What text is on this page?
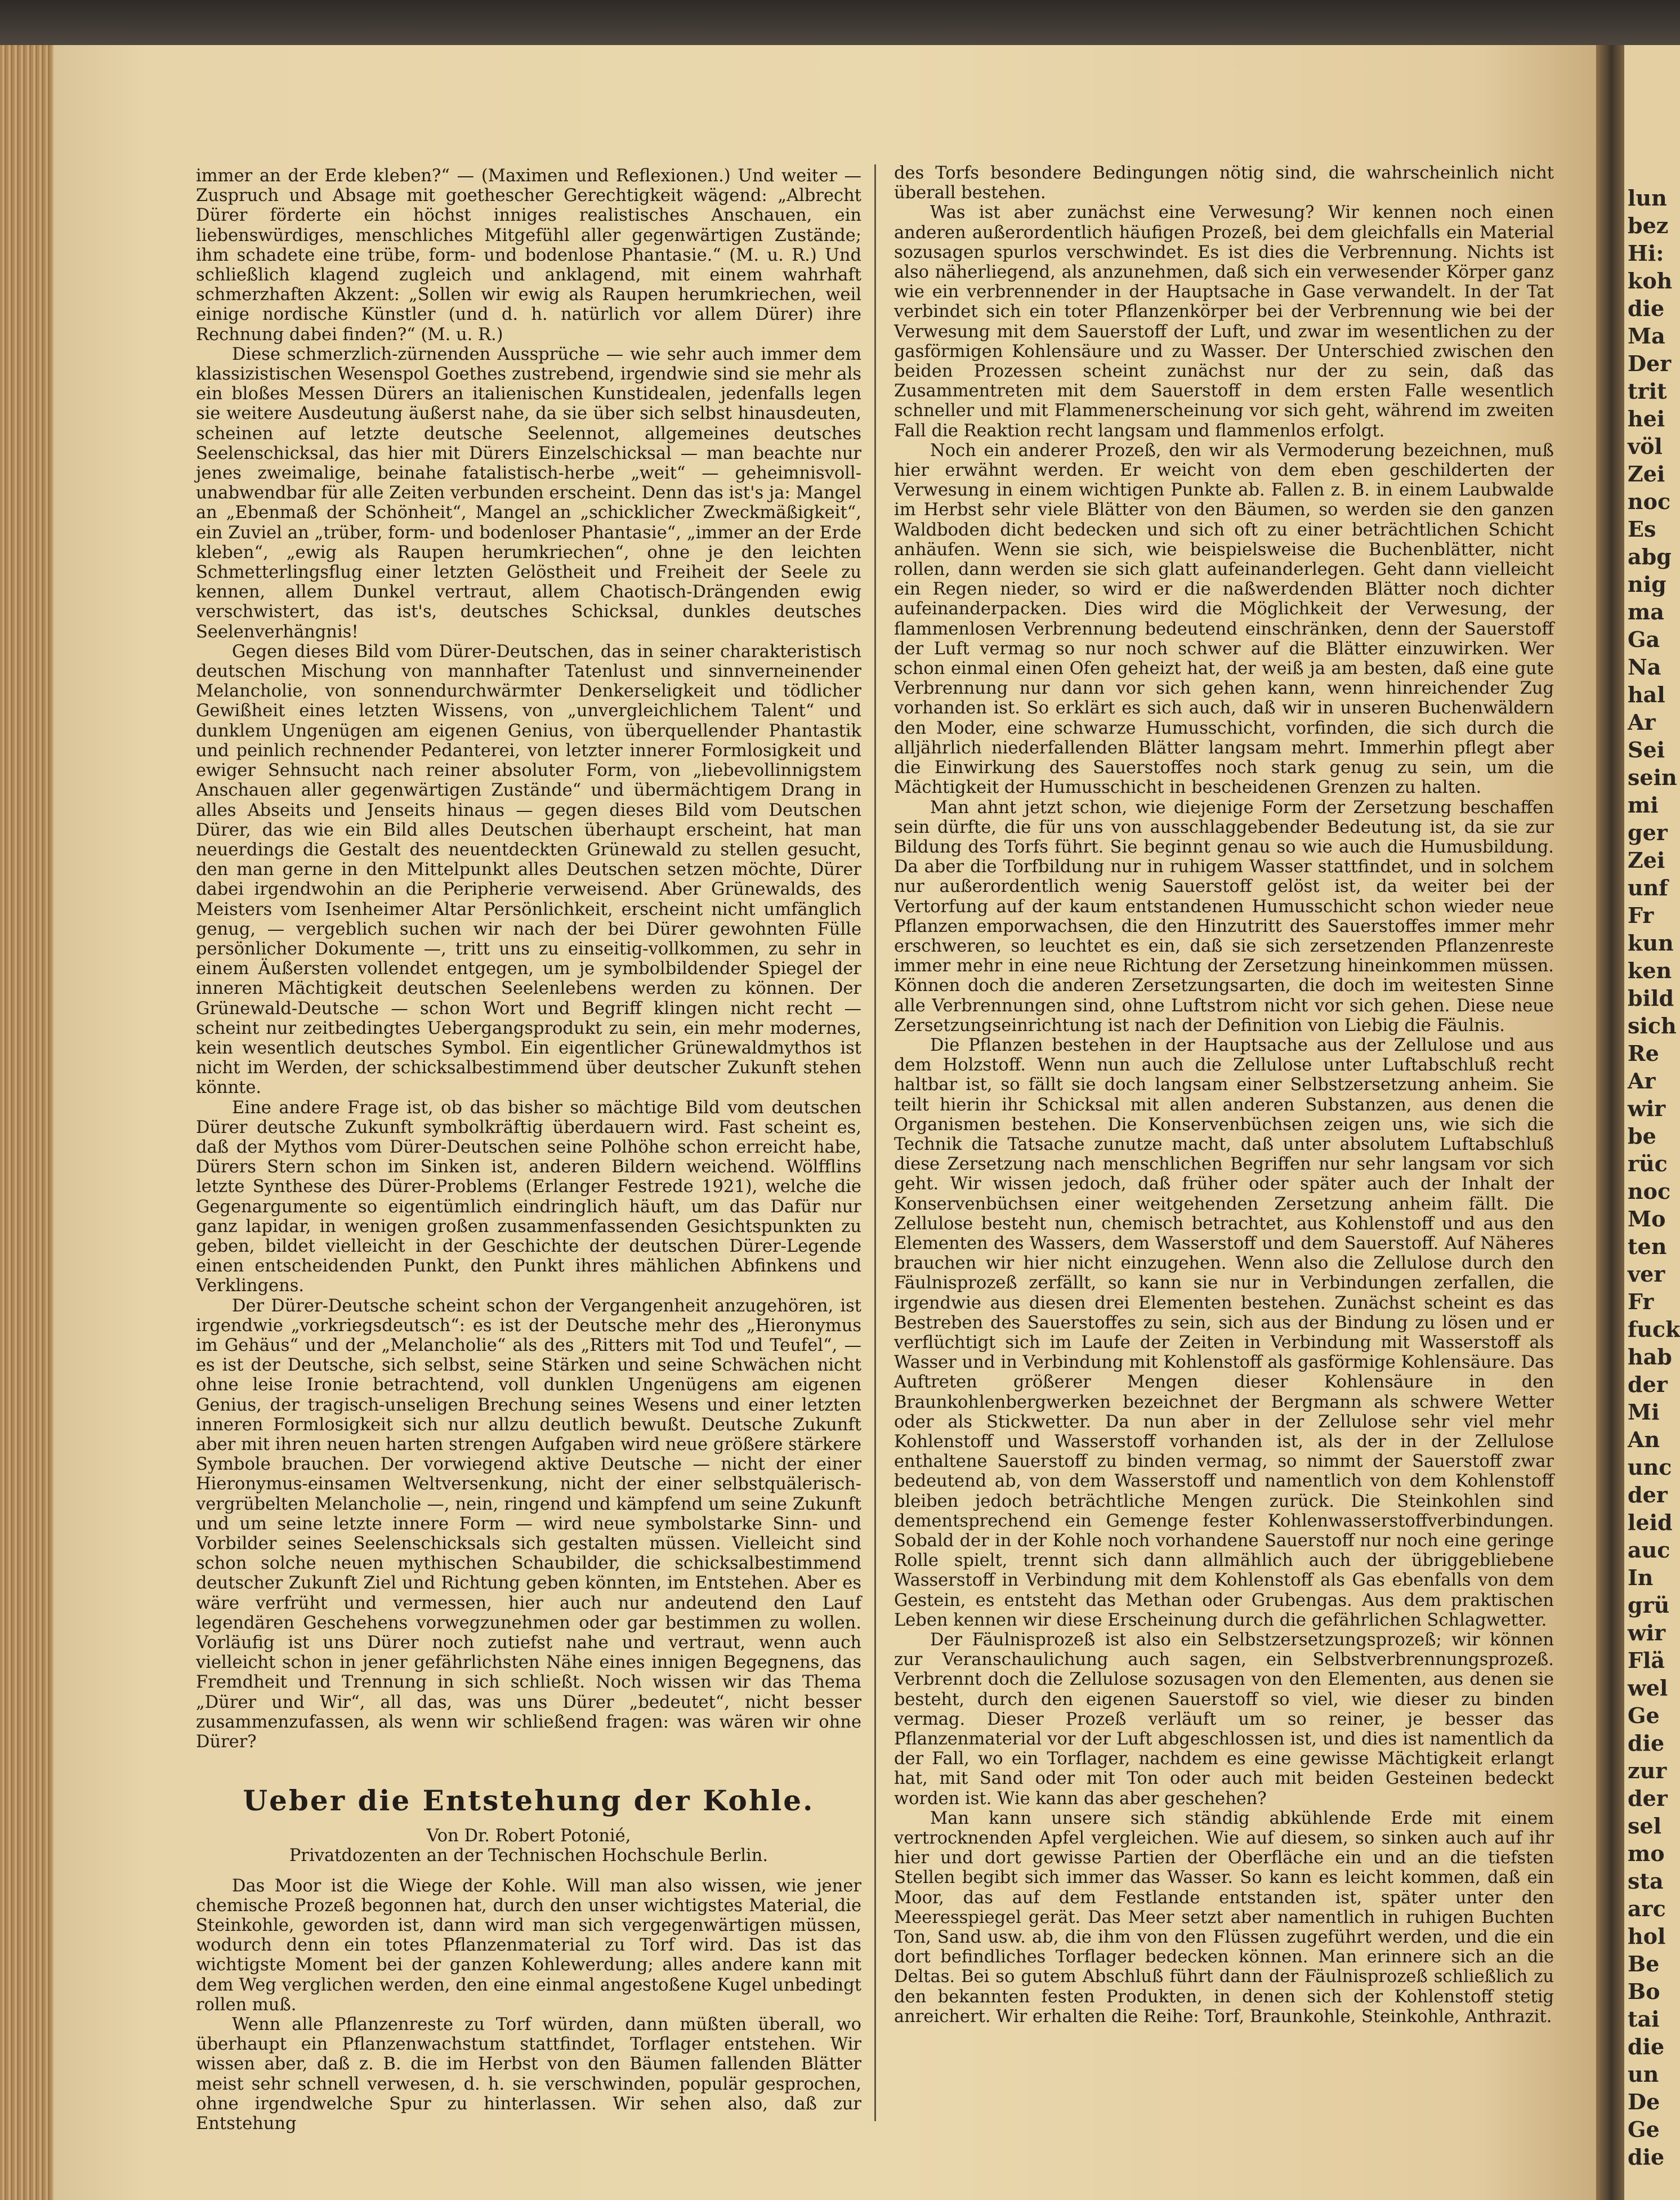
immer an der Erde kleben?“ — (Maximen und Reflexionen.) Und weiter — Zuspruch und Absage mit goethescher Gerechtigkeit wägend: „Albrecht Dürer förderte ein höchst inniges realistisches Anschauen, ein liebenswürdiges, menschliches Mitgefühl aller gegenwärtigen Zustände; ihm schadete eine trübe, form- und bodenlose Phantasie.“ (M. u. R.) Und schließlich klagend zugleich und anklagend, mit einem wahrhaft schmerzhaften Akzent: „Sollen wir ewig als Raupen herumkriechen, weil einige nordische Künstler (und d. h. natürlich vor allem Dürer) ihre Rechnung dabei finden?“ (M. u. R.)

Diese schmerzlich-zürnenden Aussprüche — wie sehr auch immer dem klassizistischen Wesenspol Goethes zustrebend, irgendwie sind sie mehr als ein bloßes Messen Dürers an italienischen Kunstidealen, jedenfalls legen sie weitere Ausdeutung äußerst nahe, da sie über sich selbst hinausdeuten, scheinen auf letzte deutsche Seelennot, allgemeines deutsches Seelenschicksal, das hier mit Dürers Einzelschicksal — man beachte nur jenes zweimalige, beinahe fatalistisch-herbe „weit“ — geheimnisvoll-unabwendbar für alle Zeiten verbunden erscheint. Denn das ist's ja: Mangel an „Ebenmaß der Schönheit“, Mangel an „schicklicher Zweckmäßigkeit“, ein Zuviel an „trüber, form- und bodenloser Phantasie“, „immer an der Erde kleben“, „ewig als Raupen herumkriechen“, ohne je den leichten Schmetterlingsflug einer letzten Gelöstheit und Freiheit der Seele zu kennen, allem Dunkel vertraut, allem Chaotisch-Drängenden ewig verschwistert, das ist's, deutsches Schicksal, dunkles deutsches Seelenverhängnis!

Gegen dieses Bild vom Dürer-Deutschen, das in seiner charakteristisch deutschen Mischung von mannhafter Tatenlust und sinnverneinender Melancholie, von sonnendurchwärmter Denkerseligkeit und tödlicher Gewißheit eines letzten Wissens, von „unvergleichlichem Talent“ und dunklem Ungenügen am eigenen Genius, von überquellender Phantastik und peinlich rechnender Pedanterei, von letzter innerer Formlosigkeit und ewiger Sehnsucht nach reiner absoluter Form, von „liebevollinnigstem Anschauen aller gegenwärtigen Zustände“ und übermächtigem Drang in alles Abseits und Jenseits hinaus — gegen dieses Bild vom Deutschen Dürer, das wie ein Bild alles Deutschen überhaupt erscheint, hat man neuerdings die Gestalt des neuentdeckten Grünewald zu stellen gesucht, den man gerne in den Mittelpunkt alles Deutschen setzen möchte, Dürer dabei irgendwohin an die Peripherie verweisend. Aber Grünewalds, des Meisters vom Isenheimer Altar Persönlichkeit, erscheint nicht umfänglich genug, — vergeblich suchen wir nach der bei Dürer gewohnten Fülle persönlicher Dokumente —, tritt uns zu einseitig-vollkommen, zu sehr in einem Äußersten vollendet entgegen, um je symbolbildender Spiegel der inneren Mächtigkeit deutschen Seelenlebens werden zu können. Der Grünewald-Deutsche — schon Wort und Begriff klingen nicht recht — scheint nur zeitbedingtes Uebergangsprodukt zu sein, ein mehr modernes, kein wesentlich deutsches Symbol. Ein eigentlicher Grünewaldmythos ist nicht im Werden, der schicksalbestimmend über deutscher Zukunft stehen könnte.

Eine andere Frage ist, ob das bisher so mächtige Bild vom deutschen Dürer deutsche Zukunft symbolkräftig überdauern wird. Fast scheint es, daß der Mythos vom Dürer-Deutschen seine Polhöhe schon erreicht habe, Dürers Stern schon im Sinken ist, anderen Bildern weichend. Wölfflins letzte Synthese des Dürer-Problems (Erlanger Festrede 1921), welche die Gegenargumente so eigentümlich eindringlich häuft, um das Dafür nur ganz lapidar, in wenigen großen zusammenfassenden Gesichtspunkten zu geben, bildet vielleicht in der Geschichte der deutschen Dürer-Legende einen entscheidenden Punkt, den Punkt ihres mählichen Abfinkens und Verklingens.

Der Dürer-Deutsche scheint schon der Vergangenheit anzugehören, ist irgendwie „vorkriegsdeutsch“: es ist der Deutsche mehr des „Hieronymus im Gehäus“ und der „Melancholie“ als des „Ritters mit Tod und Teufel“, — es ist der Deutsche, sich selbst, seine Stärken und seine Schwächen nicht ohne leise Ironie betrachtend, voll dunklen Ungenügens am eigenen Genius, der tragisch-unseligen Brechung seines Wesens und einer letzten inneren Formlosigkeit sich nur allzu deutlich bewußt. Deutsche Zukunft aber mit ihren neuen harten strengen Aufgaben wird neue größere stärkere Symbole brauchen. Der vorwiegend aktive Deutsche — nicht der einer Hieronymus-einsamen Weltversenkung, nicht der einer selbstquälerisch-vergrübelten Melancholie —, nein, ringend und kämpfend um seine Zukunft und um seine letzte innere Form — wird neue symbolstarke Sinn- und Vorbilder seines Seelenschicksals sich gestalten müssen. Vielleicht sind schon solche neuen mythischen Schaubilder, die schicksalbestimmend deutscher Zukunft Ziel und Richtung geben könnten, im Entstehen. Aber es wäre verfrüht und vermessen, hier auch nur andeutend den Lauf legendären Geschehens vorwegzunehmen oder gar bestimmen zu wollen. Vorläufig ist uns Dürer noch zutiefst nahe und vertraut, wenn auch vielleicht schon in jener gefährlichsten Nähe eines innigen Begegnens, das Fremdheit und Trennung in sich schließt. Noch wissen wir das Thema „Dürer und Wir“, all das, was uns Dürer „bedeutet“, nicht besser zusammenzufassen, als wenn wir schließend fragen: was wären wir ohne Dürer?

Ueber die Entstehung der Kohle.

Von Dr. Robert Potonié,

Privatdozenten an der Technischen Hochschule Berlin.

Das Moor ist die Wiege der Kohle. Will man also wissen, wie jener chemische Prozeß begonnen hat, durch den unser wichtigstes Material, die Steinkohle, geworden ist, dann wird man sich vergegenwärtigen müssen, wodurch denn ein totes Pflanzenmaterial zu Torf wird. Das ist das wichtigste Moment bei der ganzen Kohlewerdung; alles andere kann mit dem Weg verglichen werden, den eine einmal angestoßene Kugel unbedingt rollen muß.

Wenn alle Pflanzenreste zu Torf würden, dann müßten überall, wo überhaupt ein Pflanzenwachstum stattfindet, Torflager entstehen. Wir wissen aber, daß z. B. die im Herbst von den Bäumen fallenden Blätter meist sehr schnell verwesen, d. h. sie verschwinden, populär gesprochen, ohne irgendwelche Spur zu hinterlassen. Wir sehen also, daß zur Entstehung

des Torfs besondere Bedingungen nötig sind, die wahrscheinlich nicht überall bestehen.

Was ist aber zunächst eine Verwesung? Wir kennen noch einen anderen außerordentlich häufigen Prozeß, bei dem gleichfalls ein Material sozusagen spurlos verschwindet. Es ist dies die Verbrennung. Nichts ist also näherliegend, als anzunehmen, daß sich ein verwesender Körper ganz wie ein verbrennender in der Hauptsache in Gase verwandelt. In der Tat verbindet sich ein toter Pflanzenkörper bei der Verbrennung wie bei der Verwesung mit dem Sauerstoff der Luft, und zwar im wesentlichen zu der gasförmigen Kohlensäure und zu Wasser. Der Unterschied zwischen den beiden Prozessen scheint zunächst nur der zu sein, daß das Zusammentreten mit dem Sauerstoff in dem ersten Falle wesentlich schneller und mit Flammenerscheinung vor sich geht, während im zweiten Fall die Reaktion recht langsam und flammenlos erfolgt.

Noch ein anderer Prozeß, den wir als Vermoderung bezeichnen, muß hier erwähnt werden. Er weicht von dem eben geschilderten der Verwesung in einem wichtigen Punkte ab. Fallen z. B. in einem Laubwalde im Herbst sehr viele Blätter von den Bäumen, so werden sie den ganzen Waldboden dicht bedecken und sich oft zu einer beträchtlichen Schicht anhäufen. Wenn sie sich, wie beispielsweise die Buchenblätter, nicht rollen, dann werden sie sich glatt aufeinanderlegen. Geht dann vielleicht ein Regen nieder, so wird er die naßwerdenden Blätter noch dichter aufeinanderpacken. Dies wird die Möglichkeit der Verwesung, der flammenlosen Verbrennung bedeutend einschränken, denn der Sauerstoff der Luft vermag so nur noch schwer auf die Blätter einzuwirken. Wer schon einmal einen Ofen geheizt hat, der weiß ja am besten, daß eine gute Verbrennung nur dann vor sich gehen kann, wenn hinreichender Zug vorhanden ist. So erklärt es sich auch, daß wir in unseren Buchenwäldern den Moder, eine schwarze Humusschicht, vorfinden, die sich durch die alljährlich niederfallenden Blätter langsam mehrt. Immerhin pflegt aber die Einwirkung des Sauerstoffes noch stark genug zu sein, um die Mächtigkeit der Humusschicht in bescheidenen Grenzen zu halten.

Man ahnt jetzt schon, wie diejenige Form der Zersetzung beschaffen sein dürfte, die für uns von ausschlaggebender Bedeutung ist, da sie zur Bildung des Torfs führt. Sie beginnt genau so wie auch die Humusbildung. Da aber die Torfbildung nur in ruhigem Wasser stattfindet, und in solchem nur außerordentlich wenig Sauerstoff gelöst ist, da weiter bei der Vertorfung auf der kaum entstandenen Humusschicht schon wieder neue Pflanzen emporwachsen, die den Hinzutritt des Sauerstoffes immer mehr erschweren, so leuchtet es ein, daß sie sich zersetzenden Pflanzenreste immer mehr in eine neue Richtung der Zersetzung hineinkommen müssen. Können doch die anderen Zersetzungsarten, die doch im weitesten Sinne alle Verbrennungen sind, ohne Luftstrom nicht vor sich gehen. Diese neue Zersetzungseinrichtung ist nach der Definition von Liebig die Fäulnis.

Die Pflanzen bestehen in der Hauptsache aus der Zellulose und aus dem Holzstoff. Wenn nun auch die Zellulose unter Luftabschluß recht haltbar ist, so fällt sie doch langsam einer Selbstzersetzung anheim. Sie teilt hierin ihr Schicksal mit allen anderen Substanzen, aus denen die Organismen bestehen. Die Konservenbüchsen zeigen uns, wie sich die Technik die Tatsache zunutze macht, daß unter absolutem Luftabschluß diese Zersetzung nach menschlichen Begriffen nur sehr langsam vor sich geht. Wir wissen jedoch, daß früher oder später auch der Inhalt der Konservenbüchsen einer weitgehenden Zersetzung anheim fällt. Die Zellulose besteht nun, chemisch betrachtet, aus Kohlenstoff und aus den Elementen des Wassers, dem Wasserstoff und dem Sauerstoff. Auf Näheres brauchen wir hier nicht einzugehen. Wenn also die Zellulose durch den Fäulnisprozeß zerfällt, so kann sie nur in Verbindungen zerfallen, die irgendwie aus diesen drei Elementen bestehen. Zunächst scheint es das Bestreben des Sauerstoffes zu sein, sich aus der Bindung zu lösen und er verflüchtigt sich im Laufe der Zeiten in Verbindung mit Wasserstoff als Wasser und in Verbindung mit Kohlenstoff als gasförmige Kohlensäure. Das Auftreten größerer Mengen dieser Kohlensäure in den Braunkohlenbergwerken bezeichnet der Bergmann als schwere Wetter oder als Stickwetter. Da nun aber in der Zellulose sehr viel mehr Kohlenstoff und Wasserstoff vorhanden ist, als der in der Zellulose enthaltene Sauerstoff zu binden vermag, so nimmt der Sauerstoff zwar bedeutend ab, von dem Wasserstoff und namentlich von dem Kohlenstoff bleiben jedoch beträchtliche Mengen zurück. Die Steinkohlen sind dementsprechend ein Gemenge fester Kohlenwasserstoffverbindungen. Sobald der in der Kohle noch vorhandene Sauerstoff nur noch eine geringe Rolle spielt, trennt sich dann allmählich auch der übriggebliebene Wasserstoff in Verbindung mit dem Kohlenstoff als Gas ebenfalls von dem Gestein, es entsteht das Methan oder Grubengas. Aus dem praktischen Leben kennen wir diese Erscheinung durch die gefährlichen Schlagwetter.

Der Fäulnisprozeß ist also ein Selbstzersetzungsprozeß; wir können zur Veranschaulichung auch sagen, ein Selbstverbrennungsprozeß. Verbrennt doch die Zellulose sozusagen von den Elementen, aus denen sie besteht, durch den eigenen Sauerstoff so viel, wie dieser zu binden vermag. Dieser Prozeß verläuft um so reiner, je besser das Pflanzenmaterial vor der Luft abgeschlossen ist, und dies ist namentlich da der Fall, wo ein Torflager, nachdem es eine gewisse Mächtigkeit erlangt hat, mit Sand oder mit Ton oder auch mit beiden Gesteinen bedeckt worden ist. Wie kann das aber geschehen?

Man kann unsere sich ständig abkühlende Erde mit einem vertrocknenden Apfel vergleichen. Wie auf diesem, so sinken auch auf ihr hier und dort gewisse Partien der Oberfläche ein und an die tiefsten Stellen begibt sich immer das Wasser. So kann es leicht kommen, daß ein Moor, das auf dem Festlande entstanden ist, später unter den Meeresspiegel gerät. Das Meer setzt aber namentlich in ruhigen Buchten Ton, Sand usw. ab, die ihm von den Flüssen zugeführt werden, und die ein dort befindliches Torflager bedecken können. Man erinnere sich an die Deltas. Bei so gutem Abschluß führt dann der Fäulnisprozeß schließlich zu den bekannten festen Produkten, in denen sich der Kohlenstoff stetig anreichert. Wir erhalten die Reihe: Torf, Braunkohle, Steinkohle, Anthrazit.

lun
bez
Hi:
koh
die
Ma
Der
trit
hei
völ
Zei
noc
Es
abg
nig
ma
Ga
Na
hal
Ar
Sei
sein
mi
ger
Zei
unf
Fr
kun
ken
bild
sich
Re
Ar
wir
be
rüc
noc
Mo
ten
ver
Fr
fuck
hab
der
Mi
An
unc
der
leid
auc
In
grü
wir
Flä
wel
Ge
die
zur
der
sel
mo
sta
arc
hol
Be
Bo
tai
die
un
De
Ge
die
